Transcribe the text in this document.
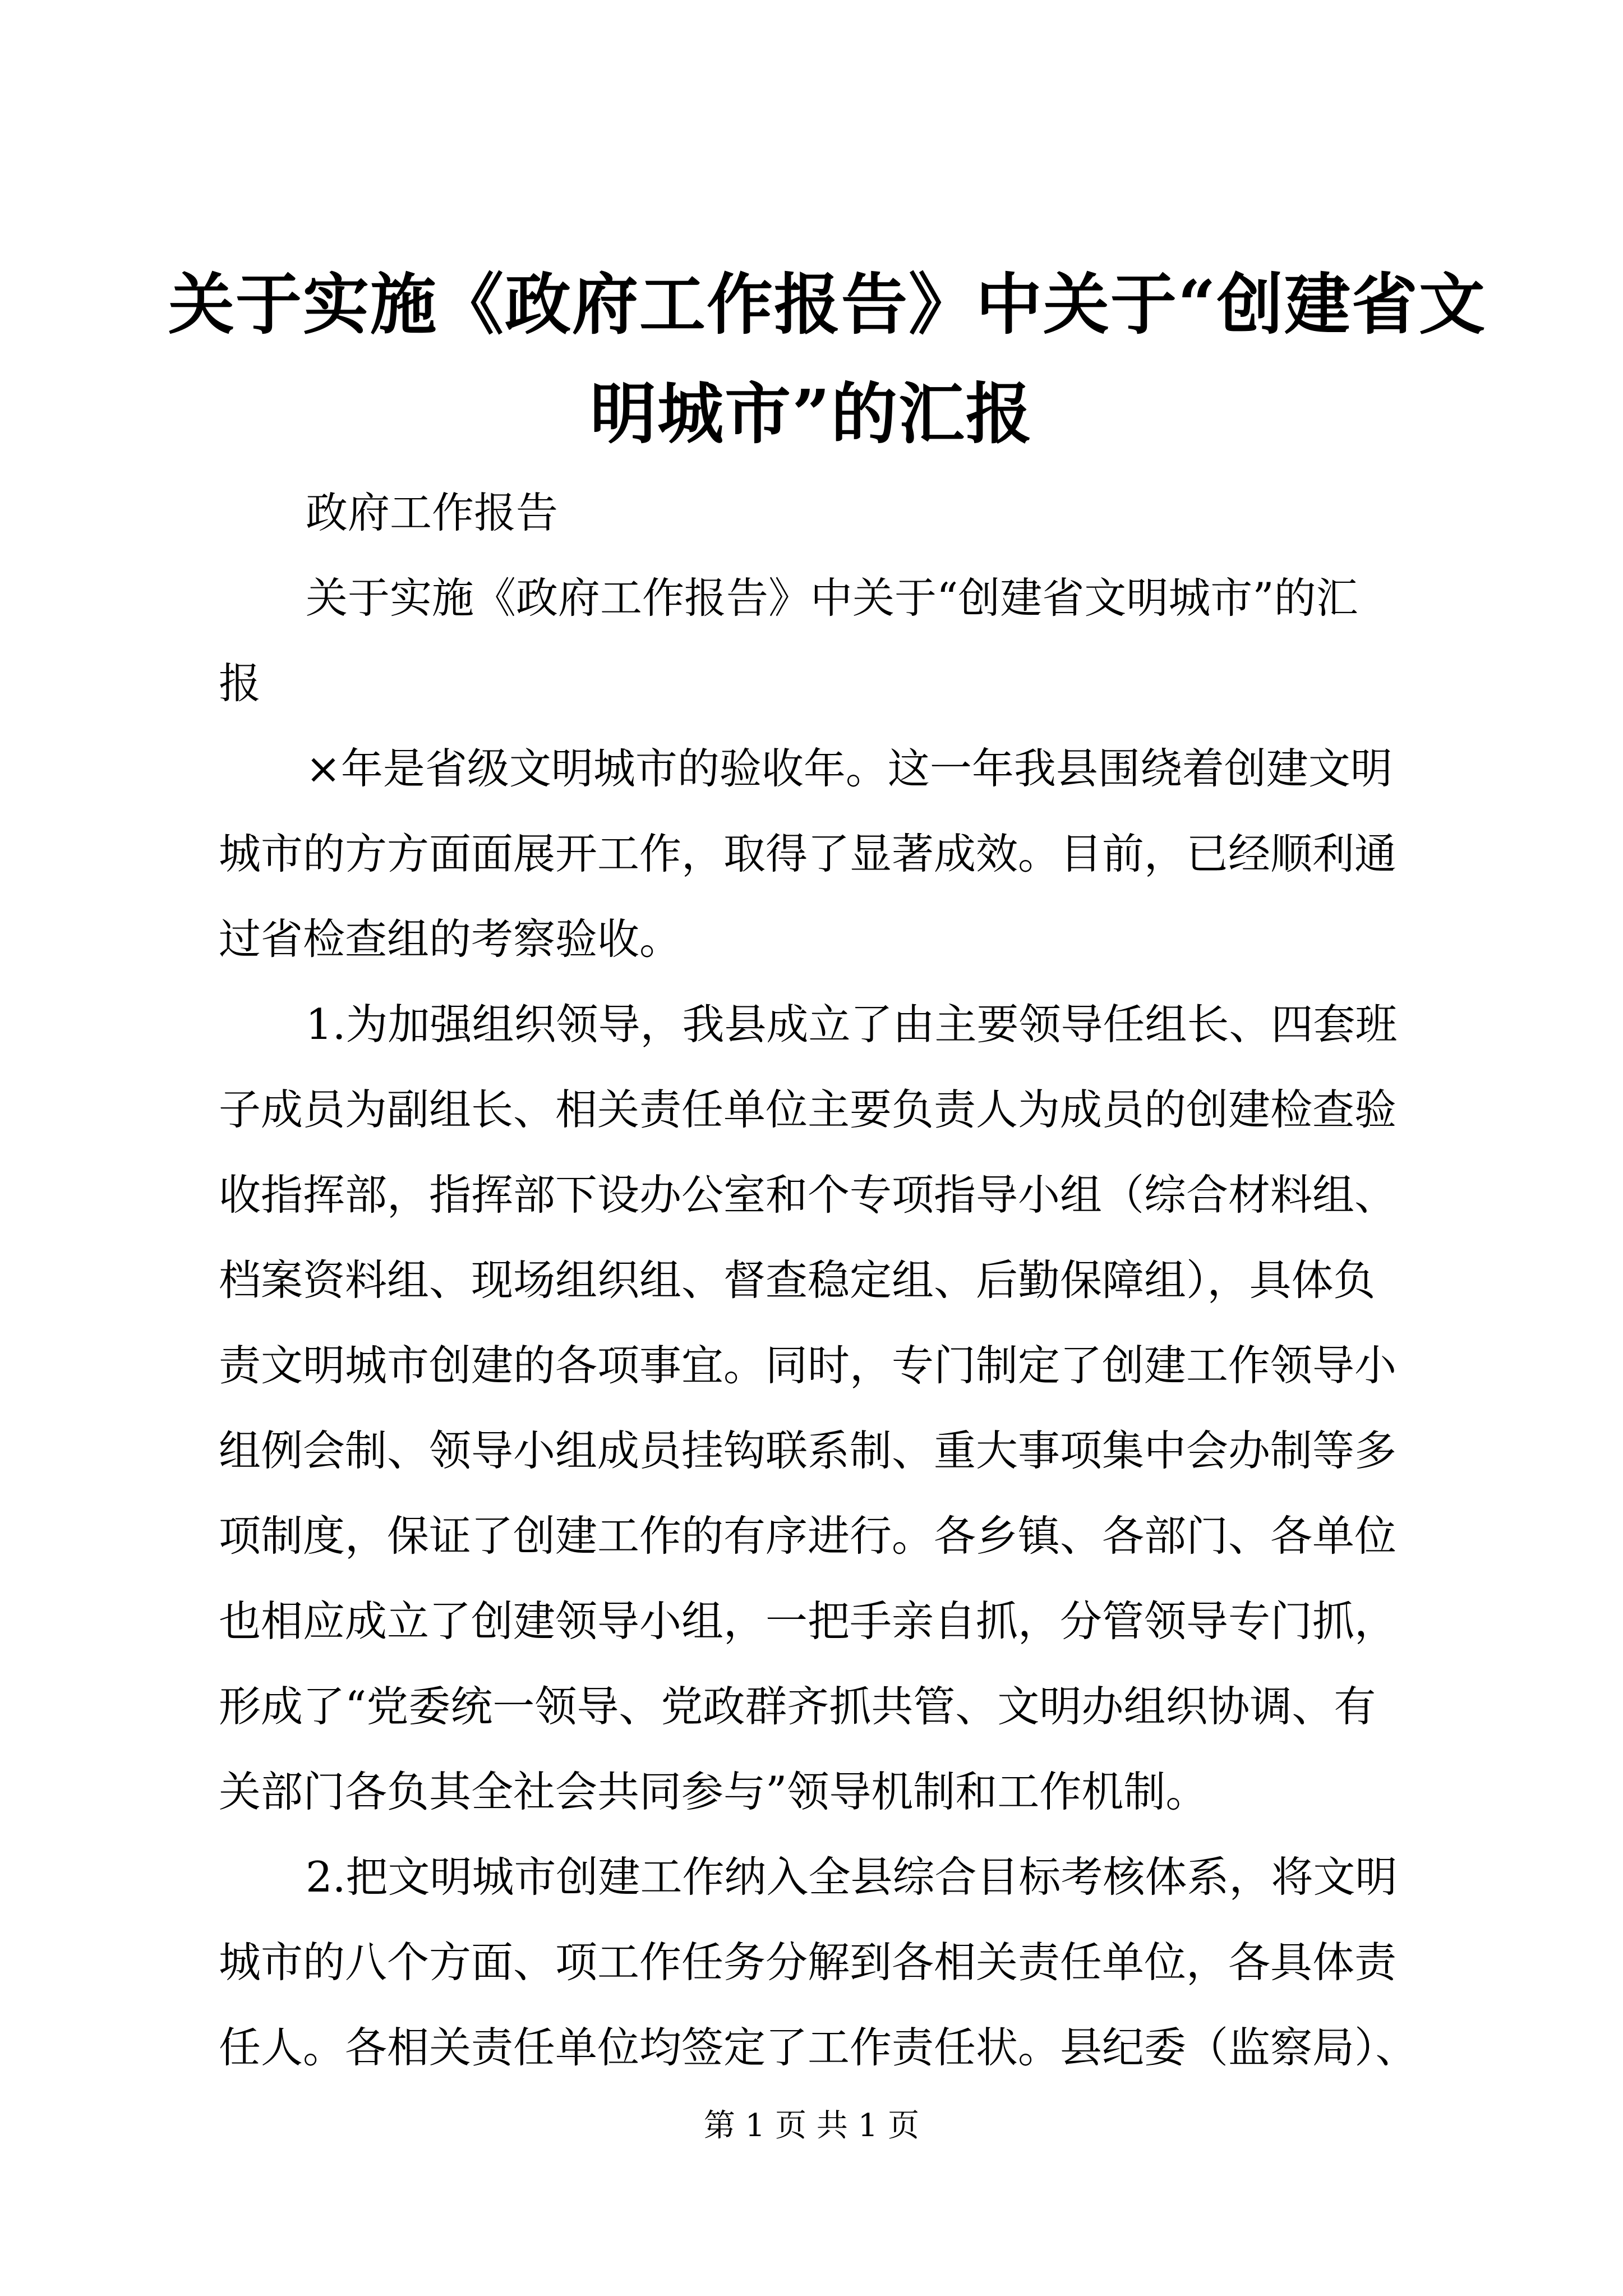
关于实施《政府工作报告》中关于“创建省文
明城市”的汇报

政府工作报告

关于实施《政府工作报告》中关于“创建省文明城市”的汇
报

×年是省级文明城市的验收年。这一年我县围绕着创建文明
城市的方方面面展开工作，取得了显著成效。目前，已经顺利通
过省检查组的考察验收。

1.为加强组织领导，我县成立了由主要领导任组长、四套班
子成员为副组长、相关责任单位主要负责人为成员的创建检查验
收指挥部，指挥部下设办公室和个专项指导小组（综合材料组、
档案资料组、现场组织组、督查稳定组、后勤保障组），具体负
责文明城市创建的各项事宜。同时，专门制定了创建工作领导小
组例会制、领导小组成员挂钩联系制、重大事项集中会办制等多
项制度，保证了创建工作的有序进行。各乡镇、各部门、各单位
也相应成立了创建领导小组，一把手亲自抓，分管领导专门抓，
形成了“党委统一领导、党政群齐抓共管、文明办组织协调、有
关部门各负其全社会共同参与”领导机制和工作机制。

2.把文明城市创建工作纳入全县综合目标考核体系，将文明
城市的八个方面、项工作任务分解到各相关责任单位，各具体责
任人。各相关责任单位均签定了工作责任状。县纪委（监察局）、

第 1 页 共 1 页
